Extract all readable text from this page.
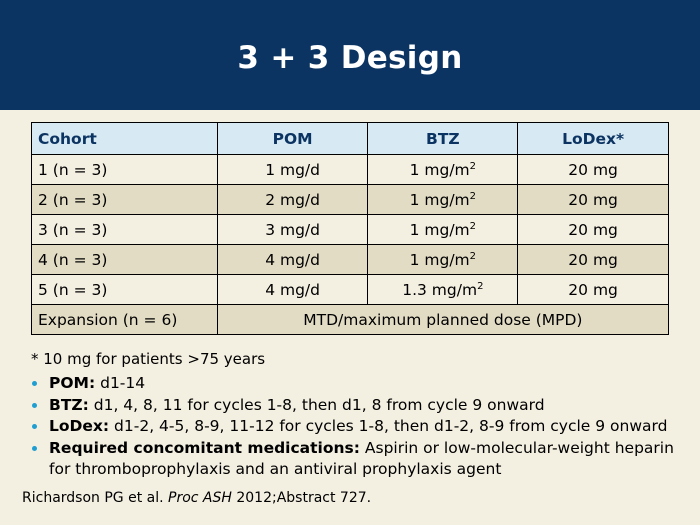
3 + 3 Design
Cohort	POM	BTZ	LoDex*
1 (n = 3)	1 mg/d	1 $mg/m^2$	20 mg
2 (n = 3)	2 mg/d	1 $mg/m^2$	20 mg
3 (n = 3)	3 mg/d	1 $mg/m^2$	20 mg
4 (n = 3)	4 mg/d	1 $mg/m^2$	20 mg
5 (n = 3)	4 mg/d	1.3 $mg/m^2$	20 mg
Expansion (n = 6)	MTD/maximum planned dose (MPD)		
* 10 mg for patients >75 years
POM: d1-14
BTZ: d1, 4, 8, 11 for cycles 1-8, then d1, 8 from cycle 9 onward
LoDex: d1-2, 4-5, 8-9, 11-12 for cycles 1-8, then d1-2, 8-9 from cycle 9 onward
Required concomitant medications: Aspirin or low-molecular-weight heparin for thromboprophylaxis and an antiviral prophylaxis agent
Richardson PG et al. Proc ASH 2012;Abstract 727.
